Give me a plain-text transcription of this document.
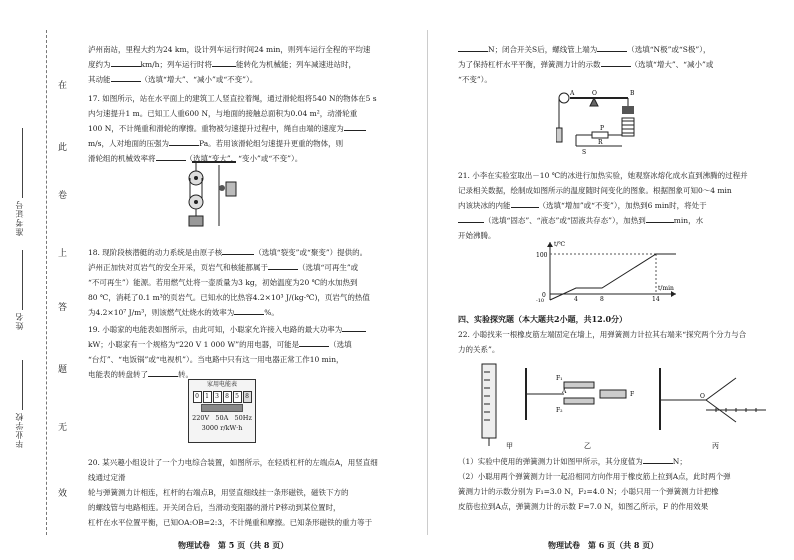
在
此
卷
上
答
题
无
效
准考证号
姓名
毕业学校

泸州南站，里程大约为24 km，设计列车运行时间24 min，则列车运行全程的平均速

度约为	km/h；列车运行时将	能转化为机械能；列车减速进站时，

其动能	（选填“增大”、“减小”或“不变”）。

17. 如图所示，站在水平面上的建筑工人竖直拉着绳，通过滑轮组将540 N的物体在5 s

内匀速提升1 m。已知工人重600 N，与地面的接触总面积为0.04 m²，动滑轮重

100 N，不计绳重和滑轮的摩擦。重物被匀速提升过程中，绳自由端的速度为

m/s，人对地面的压强为	Pa。若用该滑轮组匀速提升更重的物体，则

滑轮组的机械效率将	（选填“变大”、“变小”或“不变”）。

18. 现阶段核潜艇的动力系统是由原子核	（选填“裂变”或“聚变”）提供的。

泸州正加快对页岩气的安全开采，页岩气和核能都属于	（选填“可再生”或

“不可再生”）能源。若用燃气灶将一壶质量为3 kg，初始温度为20 ℃的水加热到

80 ℃，消耗了0.1 m³的页岩气。已知水的比热容4.2×10³ J/(kg·℃)，页岩气的热值

为4.2×10⁷ J/m³，则该燃气灶烧水的效率为	%。

19. 小聪家的电能表如图所示，由此可知，小聪家允许接入电路的最大功率为

kW；小聪家有一个规格为“220 V 1 000 W”的用电器，可能是	（选填

“台灯”、“电饭锅”或“电视机”）。当电路中只有这一用电器正常工作10 min，

电能表的转盘转了	转。

家用电能表
0	1	3	8	5	8
220V 50A 50Hz
3000 r/kW·h

20. 某兴趣小组设计了一个力电综合装置，如图所示，在轻质杠杆的左端点A，用竖直细线通过定滑

轮与弹簧测力计相连，杠杆的右端点B，用竖直细线挂一条形磁铁，磁铁下方的

的螺线管与电路相连。开关闭合后，当滑动变阻器的滑片P移动到某位置时，

杠杆在水平位置平衡，已知OA:OB=2:3，不计绳重和摩擦。已知条形磁铁的重力等于

物理试卷　第 5 页（共 8 页）

N；闭合开关S后，螺线管上端为	（选填“N极”或“S极”），

为了保持杠杆水平平衡，弹簧测力计的示数	（选填“增大”、“减小”或

“不变”）。

A	O	B
P
R
S

21. 小李在实验室取出－10 ℃的冰进行加热实验，她观察冰熔化成水直到沸腾的过程并

记录相关数据，绘制成如图所示的温度随时间变化的图象。根据图象可知0～4 min

内该块冰的内能	（选填“增加”或“不变”），加热到6 min时，将处于

（选填“固态”、“液态”或“固液共存态”），加热到	min，水

开始沸腾。

t/℃
t/min
100
0
-10	4	8	14

四、实验探究题（本大题共2小题，共12.0分）

22. 小聪找来一根橡皮筋左端固定在墙上，用弹簧测力计拉其右端来“探究两个分力与合

力的关系”。

甲
F₁
F₂
F
A
乙
O
丙

（1）实验中使用的弹簧测力计如图甲所示，其分度值为	N；

（2）小聪用两个弹簧测力计一起沿相同方向作用于橡皮筋上拉到A点，此时两个弹

簧测力计的示数分别为 F₁=3.0 N，F₂=4.0 N；小聪只用一个弹簧测力计把橡

皮筋也拉到A点，弹簧测力计的示数 F=7.0 N，如图乙所示，F 的作用效果

物理试卷　第 6 页（共 8 页）
